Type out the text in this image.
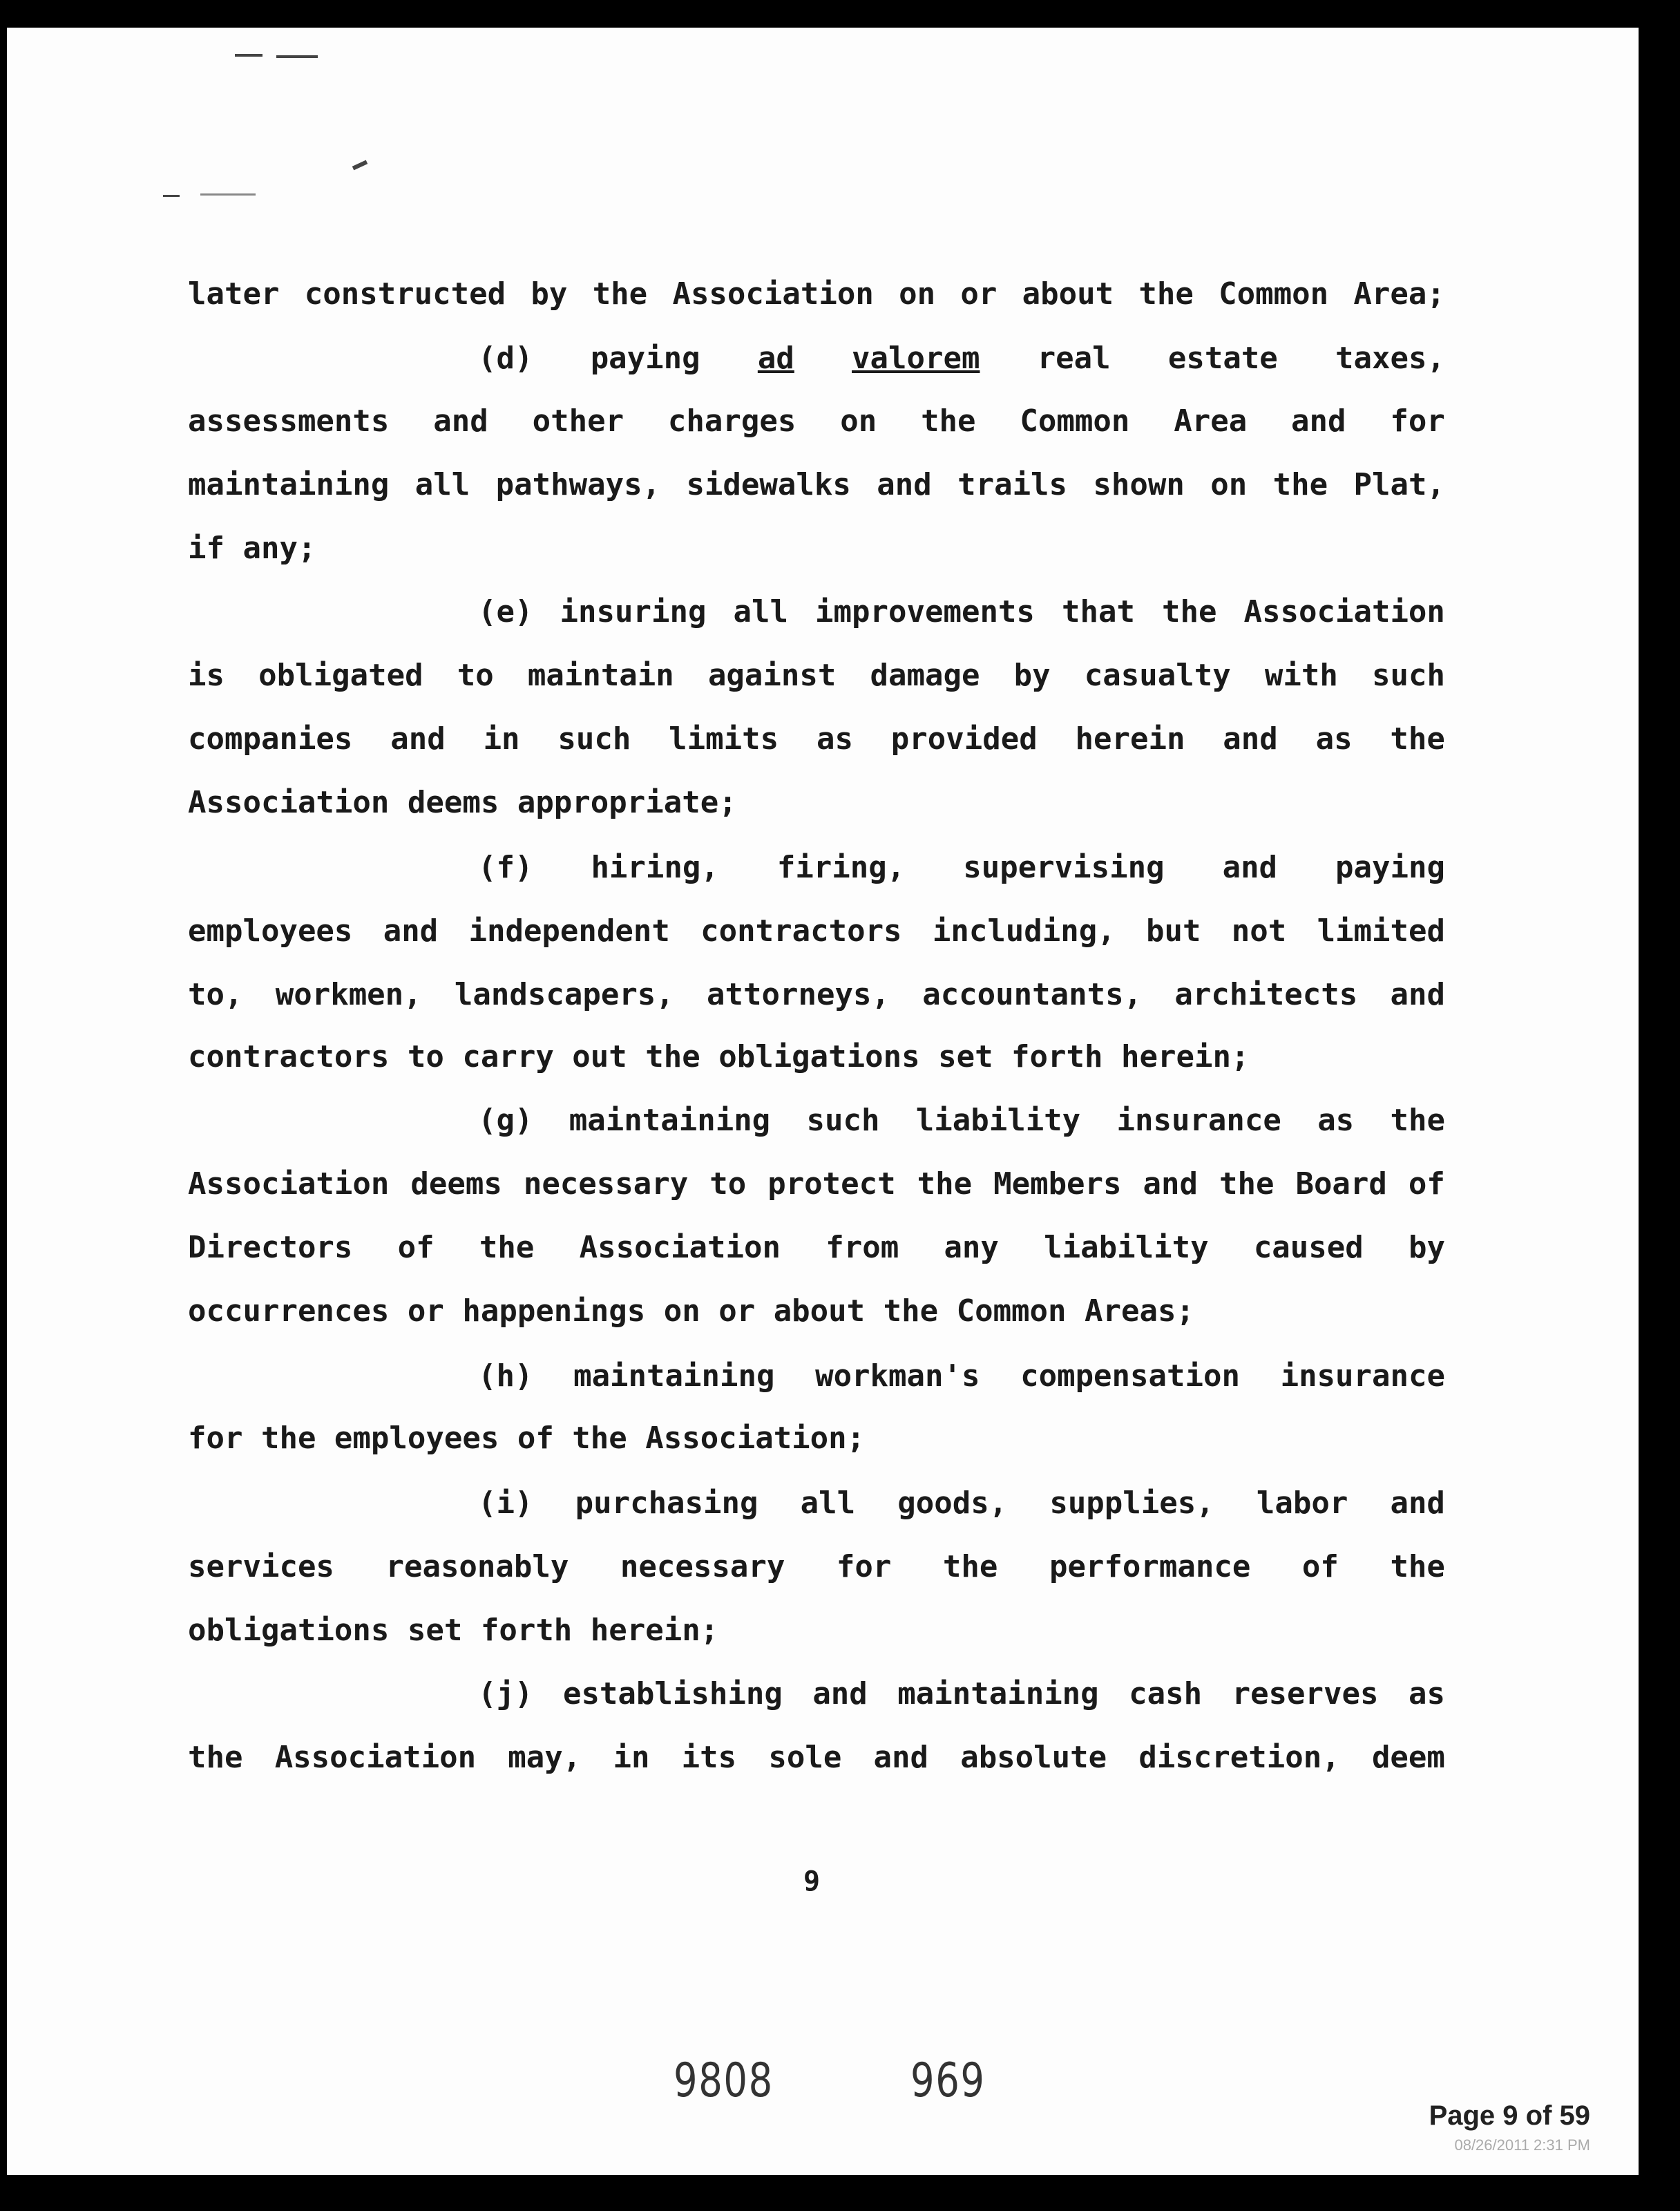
later constructed by the Association on or about the Common Area;
(d) paying ad valorem real estate taxes,
assessments and other charges on the Common Area and for
maintaining all pathways, sidewalks and trails shown on the Plat,
if any;
(e) insuring all improvements that the Association
is obligated to maintain against damage by casualty with such
companies and in such limits as provided herein and as the
Association deems appropriate;
(f) hiring, firing, supervising and paying
employees and independent contractors including, but not limited
to, workmen, landscapers, attorneys, accountants, architects and
contractors to carry out the obligations set forth herein;
(g) maintaining such liability insurance as the
Association deems necessary to protect the Members and the Board of
Directors of the Association from any liability caused by
occurrences or happenings on or about the Common Areas;
(h) maintaining workman's compensation insurance
for the employees of the Association;
(i) purchasing all goods, supplies, labor and
services reasonably necessary for the performance of the
obligations set forth herein;
(j) establishing and maintaining cash reserves as
the Association may, in its sole and absolute discretion, deem
9
9808	969
Page 9 of 59
08/26/2011 2:31 PM
